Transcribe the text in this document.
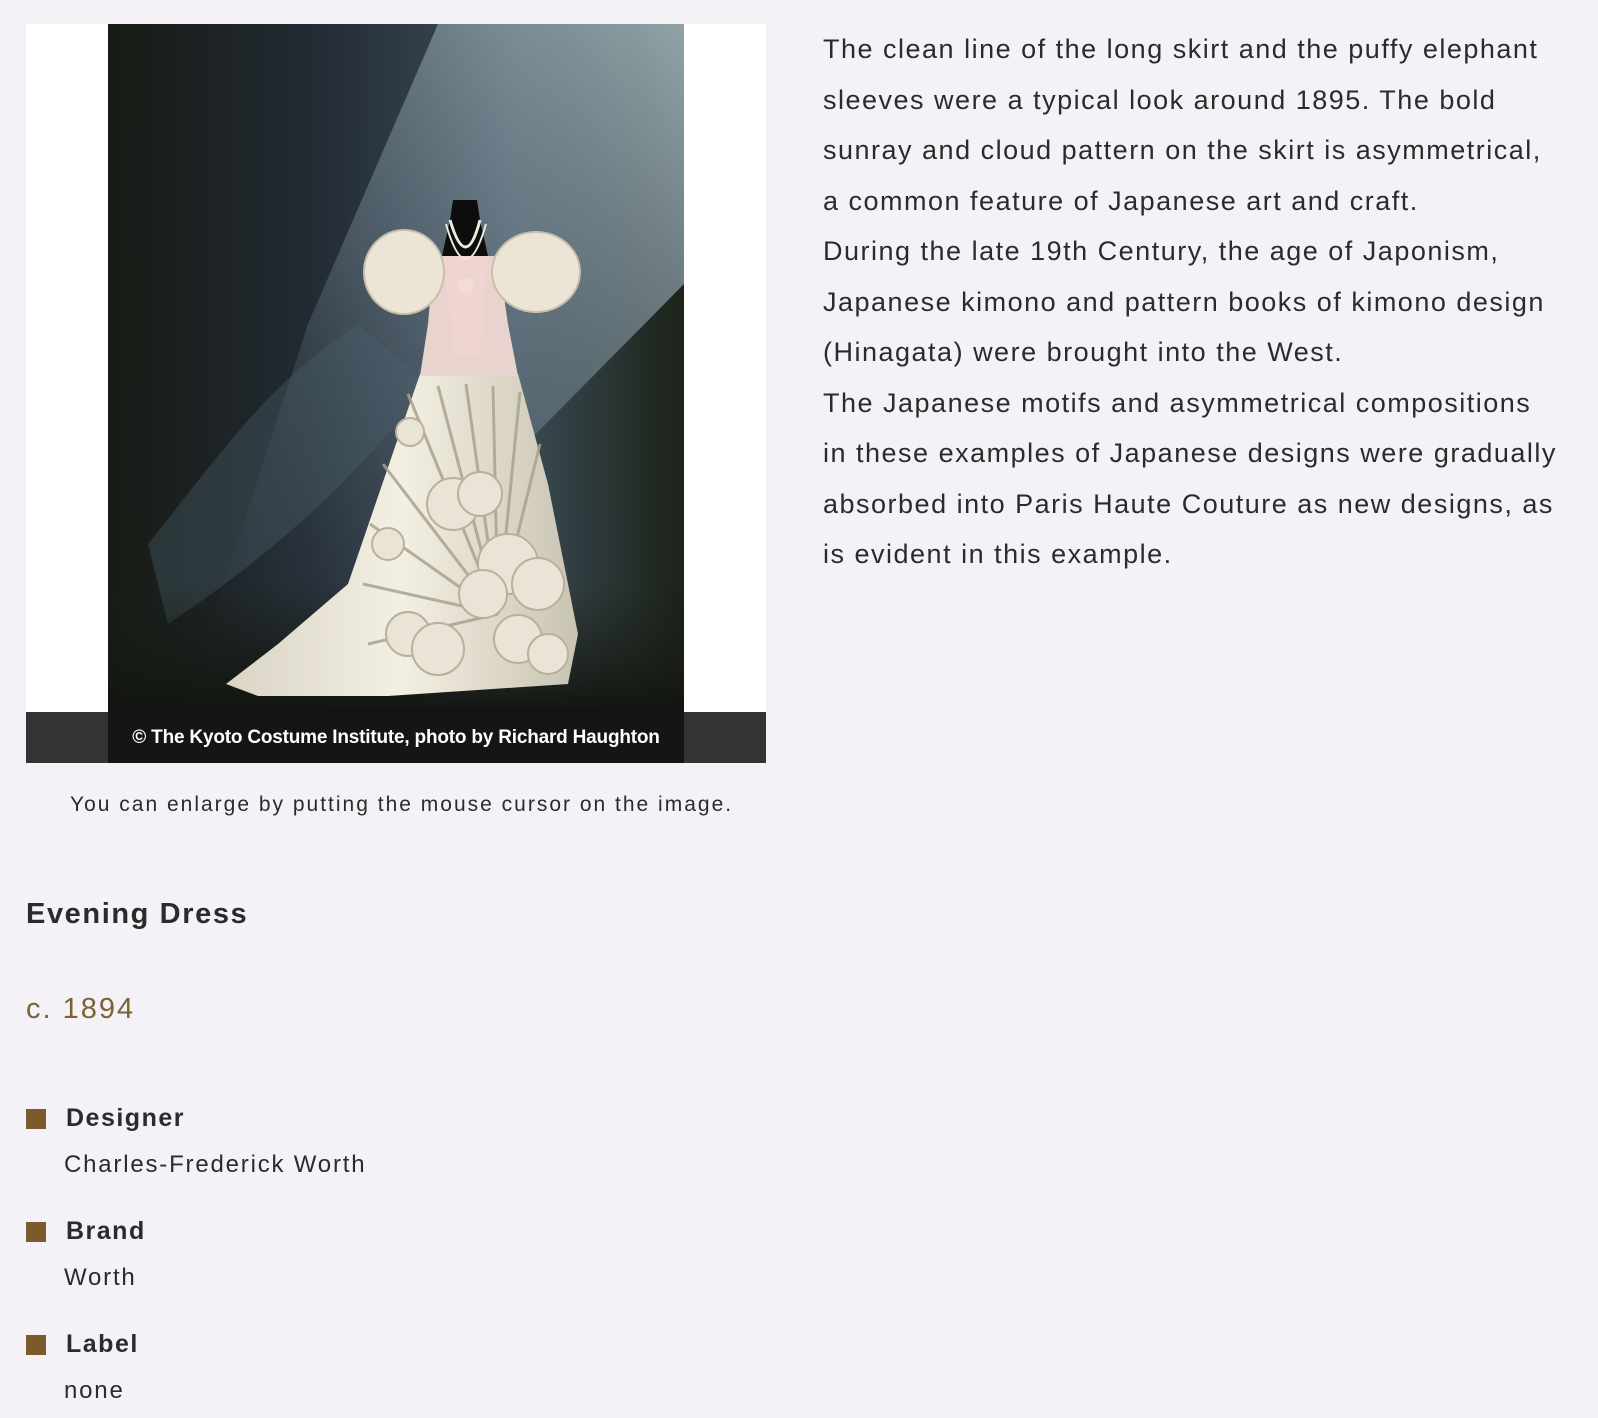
© The Kyoto Costume Institute, photo by Richard Haughton
You can enlarge by putting the mouse cursor on the image.

The clean line of the long skirt and the puffy elephant sleeves were a typical look around 1895. The bold sunray and cloud pattern on the skirt is asymmetrical, a common feature of Japanese art and craft.

During the late 19th Century, the age of Japonism, Japanese kimono and pattern books of kimono design (Hinagata) were brought into the West.

The Japanese motifs and asymmetrical compositions in these examples of Japanese designs were gradually absorbed into Paris Haute Couture as new designs, as is evident in this example.

Evening Dress
c. 1894
Designer
Charles-Frederick Worth
Brand
Worth
Label
none
